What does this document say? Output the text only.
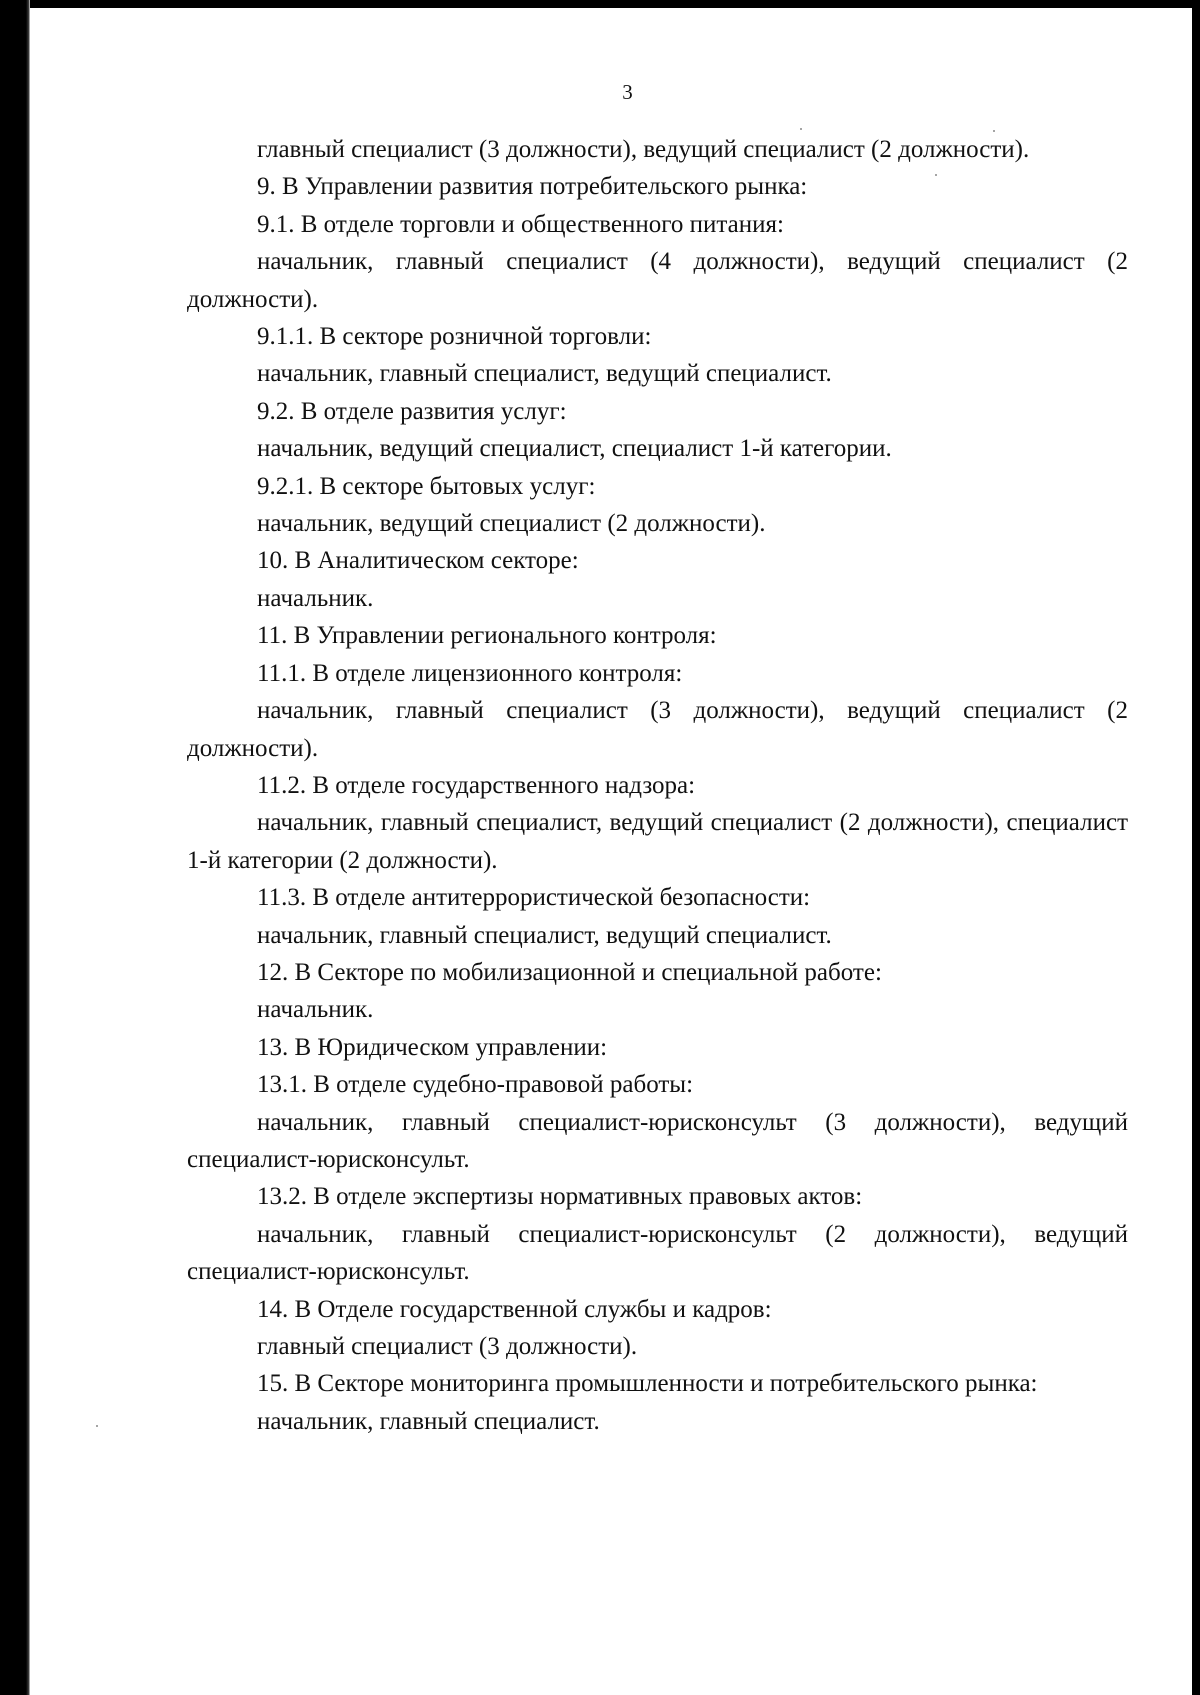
3

главный специалист (3 должности), ведущий специалист (2 должности).

9. В Управлении развития потребительского рынка:

9.1. В отделе торговли и общественного питания:

начальник, главный специалист (4 должности), ведущий специалист (2 должности).

9.1.1. В секторе розничной торговли:

начальник, главный специалист, ведущий специалист.

9.2. В отделе развития услуг:

начальник, ведущий специалист, специалист 1-й категории.

9.2.1. В секторе бытовых услуг:

начальник, ведущий специалист (2 должности).

10. В Аналитическом секторе:

начальник.

11. В Управлении регионального контроля:

11.1. В отделе лицензионного контроля:

начальник, главный специалист (3 должности), ведущий специалист (2 должности).

11.2. В отделе государственного надзора:

начальник, главный специалист, ведущий специалист (2 должности), специалист 1-й категории (2 должности).

11.3. В отделе антитеррористической безопасности:

начальник, главный специалист, ведущий специалист.

12. В Секторе по мобилизационной и специальной работе:

начальник.

13. В Юридическом управлении:

13.1. В отделе судебно-правовой работы:

начальник, главный специалист-юрисконсульт (3 должности), ведущий специалист-юрисконсульт.

13.2. В отделе экспертизы нормативных правовых актов:

начальник, главный специалист-юрисконсульт (2 должности), ведущий специалист-юрисконсульт.

14. В Отделе государственной службы и кадров:

главный специалист (3 должности).

15. В Секторе мониторинга промышленности и потребительского рынка:

начальник, главный специалист.
